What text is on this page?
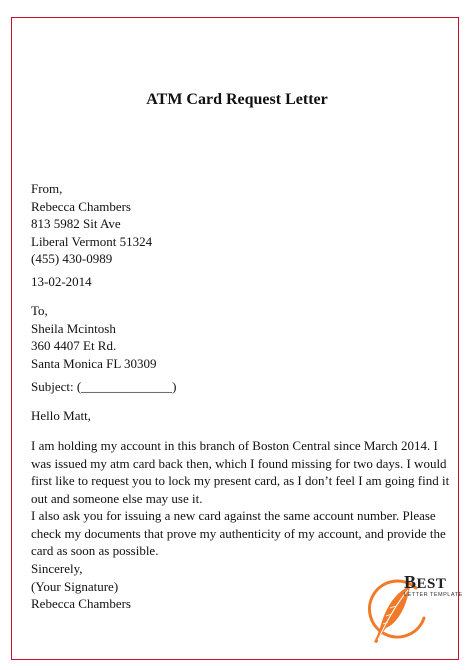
ATM Card Request Letter
From,
Rebecca Chambers
813 5982 Sit Ave
Liberal Vermont 51324
(455) 430-0989
13-02-2014
To,
Sheila Mcintosh
360 4407 Et Rd.
Santa Monica FL 30309
Subject: (______________)
Hello Matt,
I am holding my account in this branch of Boston Central since March 2014. I
was issued my atm card back then, which I found missing for two days. I would
first like to request you to lock my present card, as I don’t feel I am going find it
out and someone else may use it.
I also ask you for issuing a new card against the same account number. Please
check my documents that prove my authenticity of my account, and provide the
card as soon as possible.
Sincerely,
(Your Signature)
Rebecca Chambers
BEST
LETTER TEMPLATE
